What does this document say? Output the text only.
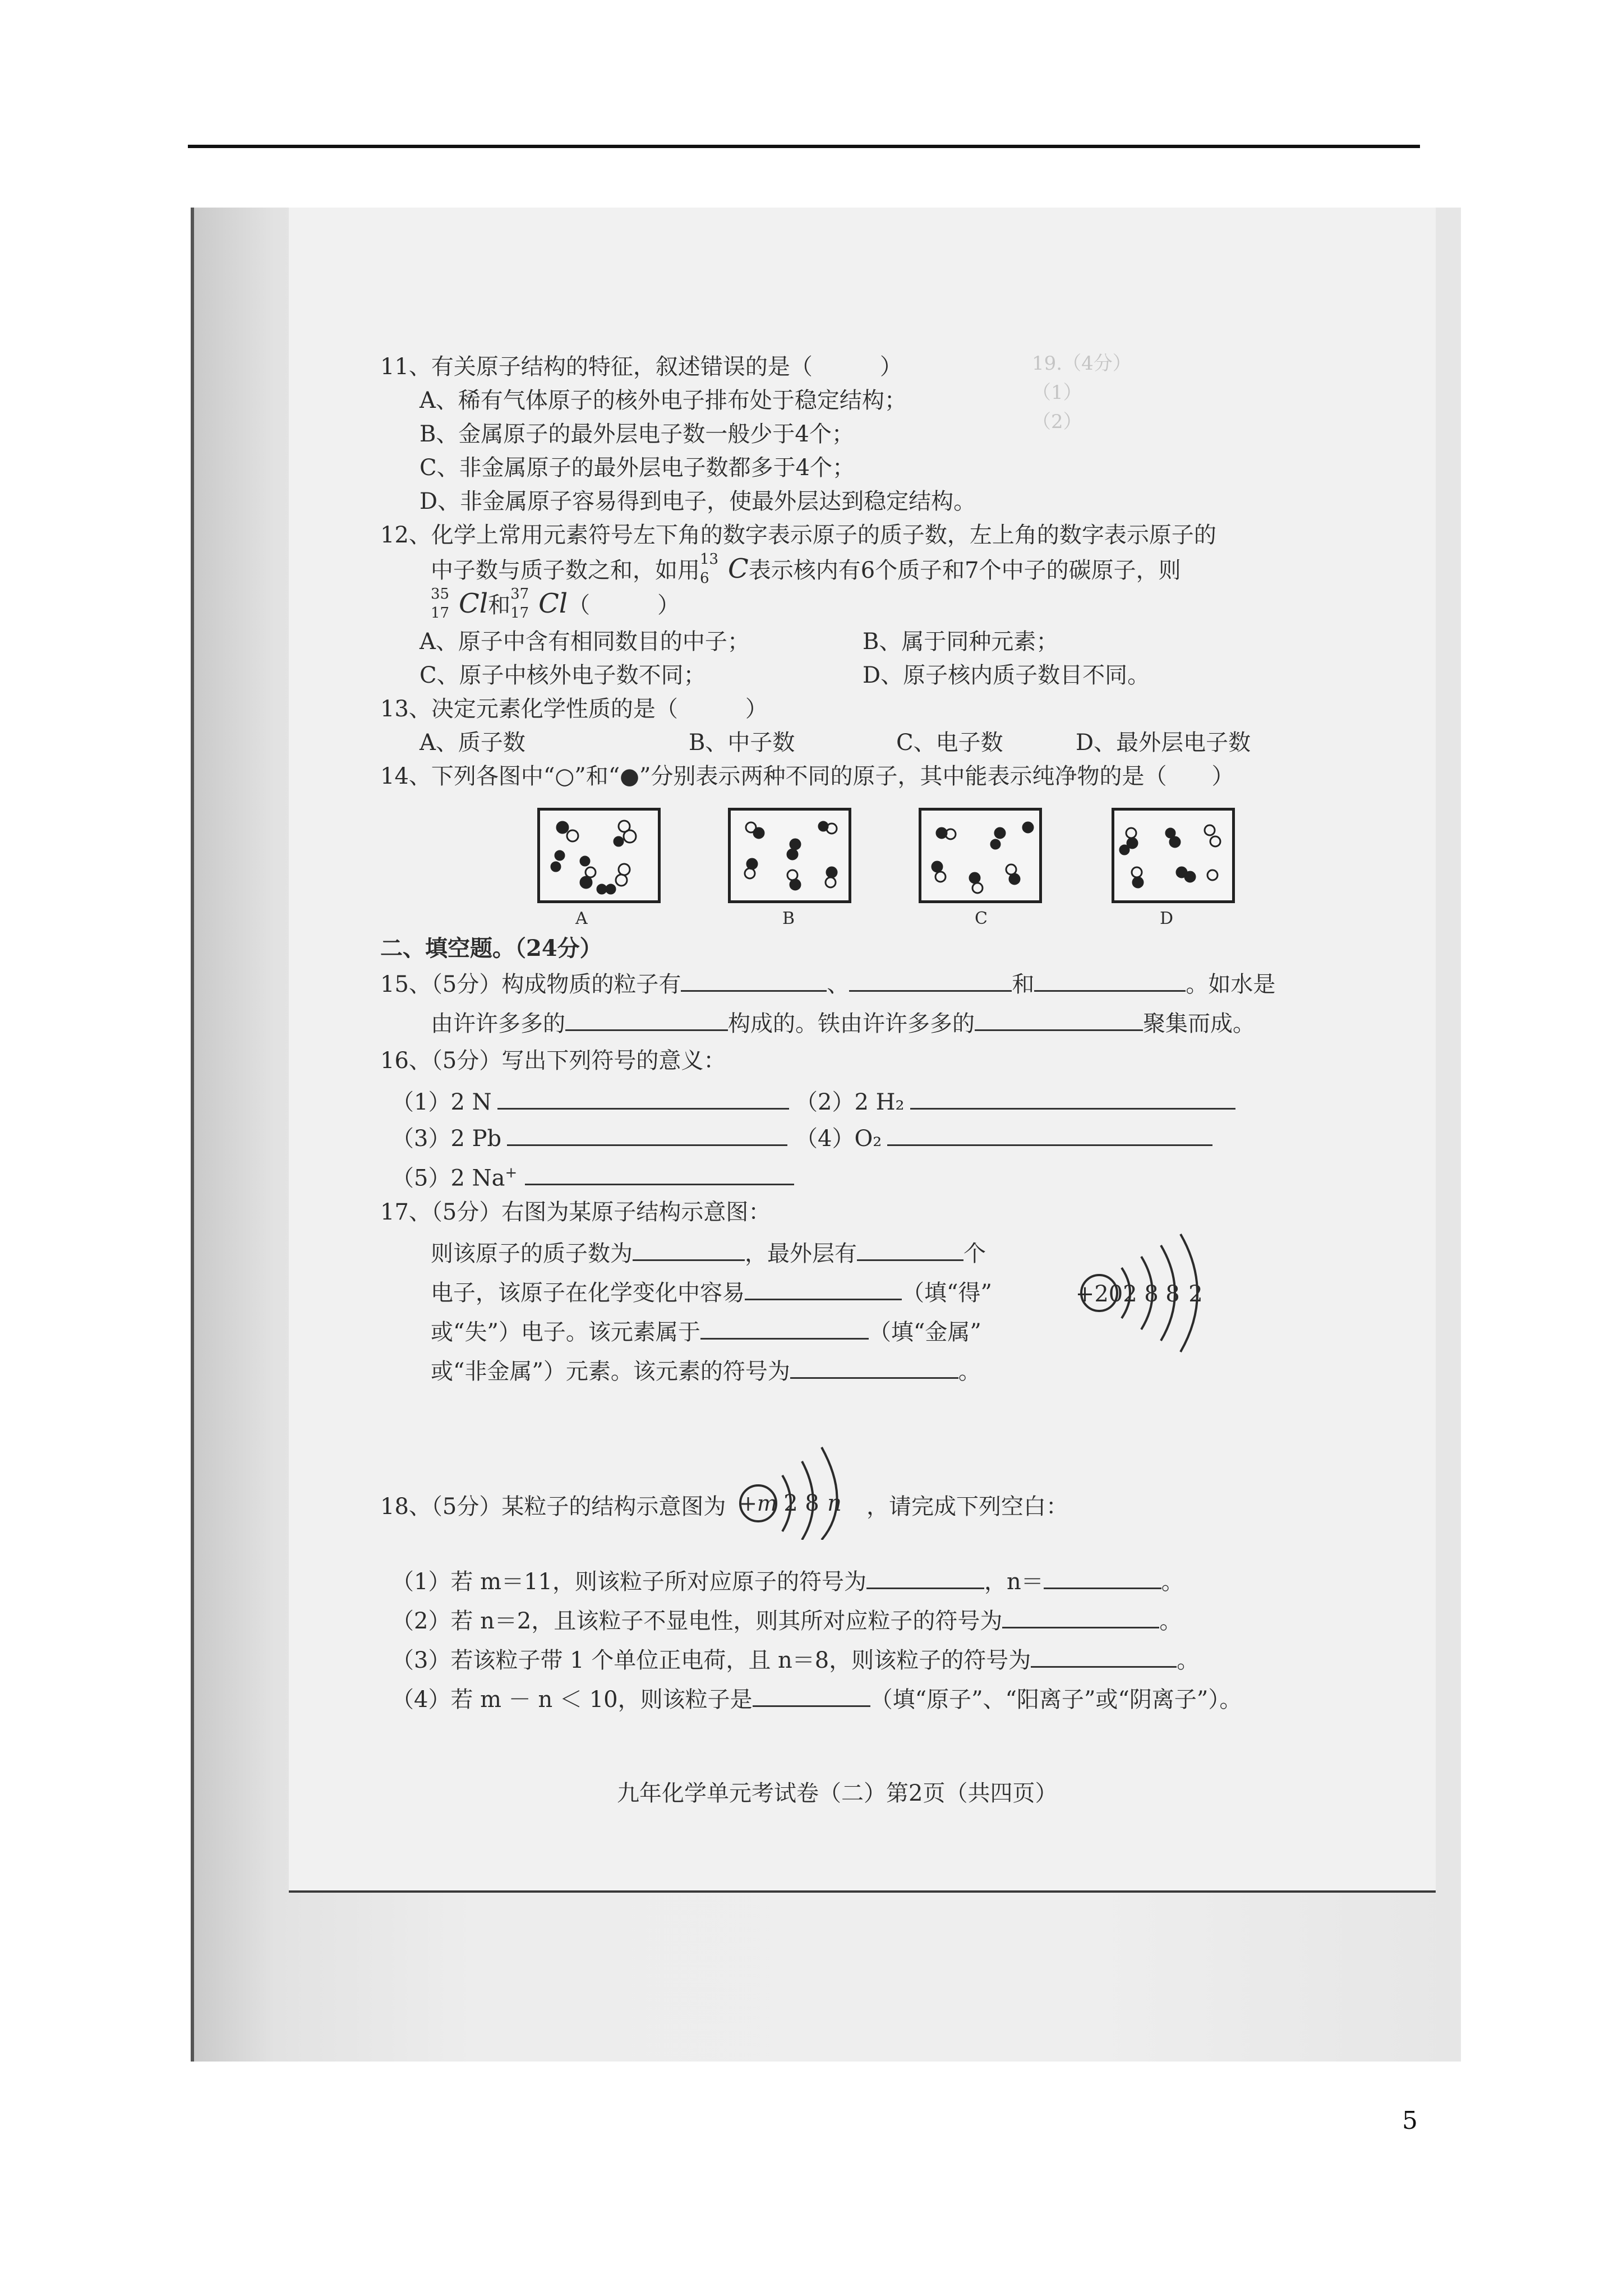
19.（4分）
（1）
（2）
11、有关原子结构的特征，叙述错误的是（　　　）
A、稀有气体原子的核外电子排布处于稳定结构；
B、金属原子的最外层电子数一般少于4个；
C、非金属原子的最外层电子数都多于4个；
D、非金属原子容易得到电子，使最外层达到稳定结构。
12、化学上常用元素符号左下角的数字表示原子的质子数，左上角的数字表示原子的
中子数与质子数之和，如用 13
6 C表示核内有6个质子和7个中子的碳原子，则
35
17 Cl和 37
17 Cl（　　　）
A、原子中含有相同数目的中子；	B、属于同种元素；
C、原子中核外电子数不同；	D、原子核内质子数目不同。
13、决定元素化学性质的是（　　　）
A、质子数	B、中子数	C、电子数	D、最外层电子数
14、下列各图中“○”和“●”分别表示两种不同的原子，其中能表示纯净物的是（　　）
A	B	C	D
二、填空题。（24分）
15、（5分）构成物质的粒子有	、	和	。如水是
由许许多多的	构成的。铁由许许多多的	聚集而成。
16、（5分）写出下列符号的意义：
（1）2 N	（2）2 H₂
（3）2 Pb	（4）O₂
（5）2 Na+
17、（5分）右图为某原子结构示意图：
则该原子的质子数为	，最外层有	个
电子，该原子在化学变化中容易	（填“得”
或“失”）电子。该元素属于	（填“金属”
或“非金属”）元素。该元素的符号为	。
+20 2 8 8 2
18、（5分）某粒子的结构示意图为 +m 2 8 n ，请完成下列空白：
（1）若 m＝11，则该粒子所对应原子的符号为	，n＝	。
（2）若 n＝2，且该粒子不显电性，则其所对应粒子的符号为	。
（3）若该粒子带 1 个单位正电荷，且 n＝8，则该粒子的符号为	。
（4）若 m － n ＜ 10，则该粒子是	（填“原子”、“阳离子”或“阴离子”）。
九年化学单元考试卷（二）第2页（共四页）
5
